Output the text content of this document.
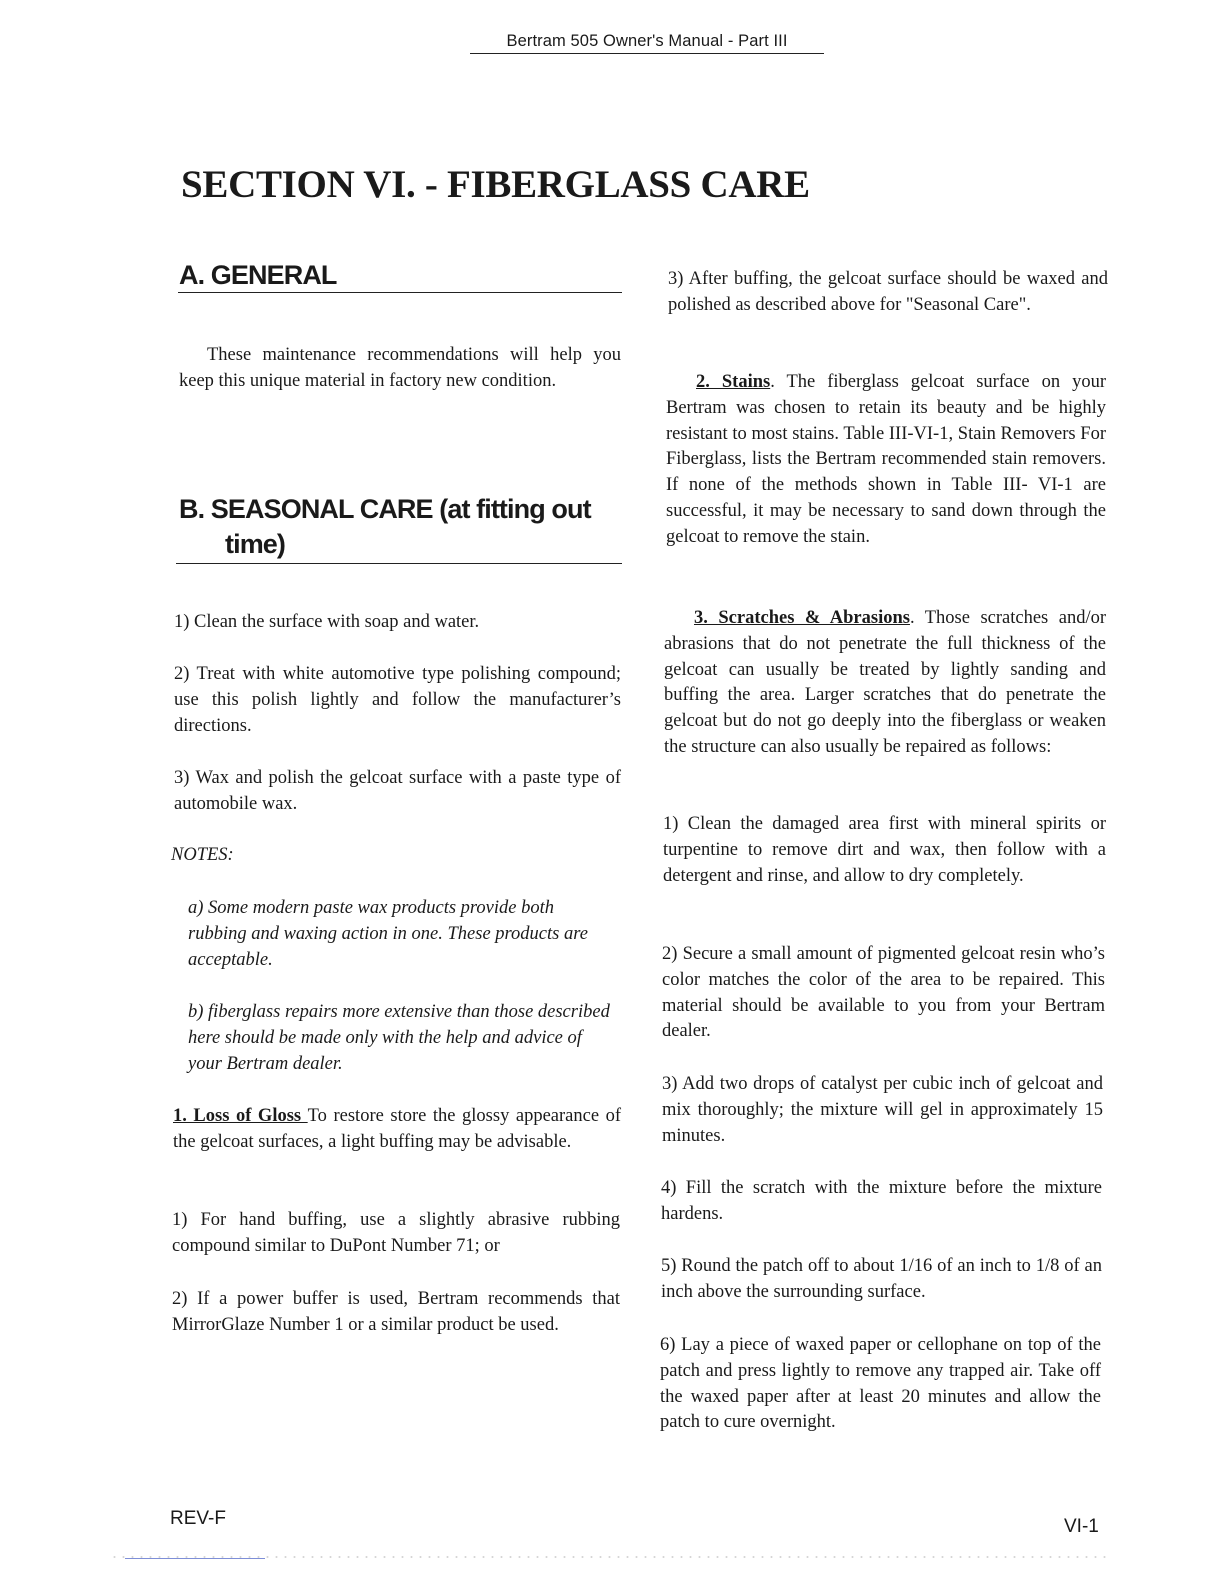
Bertram 505 Owner's Manual - Part III
SECTION VI. - FIBERGLASS CARE
A. GENERAL

These maintenance recommendations will help you keep this unique material in factory new condition.

B. SEASONAL CARE (at fitting out
time)

1) Clean the surface with soap and water.

2) Treat with white automotive type polishing compound; use this polish lightly and follow the manufacturer’s directions.

3) Wax and polish the gelcoat surface with a paste type of automobile wax.

NOTES:

a) Some modern paste wax products provide both rubbing and waxing action in one. These products are acceptable.

b) fiberglass repairs more extensive than those described here should be made only with the help and advice of your Bertram dealer.

1. Loss of Gloss To restore store the glossy appearance of the gelcoat surfaces, a light buffing may be advisable.

1) For hand buffing, use a slightly abrasive rubbing compound similar to DuPont Number 71; or

2) If a power buffer is used, Bertram recommends that MirrorGlaze Number 1 or a similar product be used.

3) After buffing, the gelcoat surface should be waxed and polished as described above for "Seasonal Care".

2. Stains. The fiberglass gelcoat surface on your Bertram was chosen to retain its beauty and be highly resistant to most stains. Table III-VI-1, Stain Removers For Fiberglass, lists the Bertram recommended stain removers. If none of the methods shown in Table III- VI-1 are successful, it may be necessary to sand down through the gelcoat to remove the stain.

3. Scratches & Abrasions. Those scratches and/or abrasions that do not penetrate the full thickness of the gelcoat can usually be treated by lightly sanding and buffing the area. Larger scratches that do penetrate the gelcoat but do not go deeply into the fiberglass or weaken the structure can also usually be repaired as follows:

1) Clean the damaged area first with mineral spirits or turpentine to remove dirt and wax, then follow with a detergent and rinse, and allow to dry completely.

2) Secure a small amount of pigmented gelcoat resin who’s color matches the color of the area to be repaired. This material should be available to you from your Bertram dealer.

3) Add two drops of catalyst per cubic inch of gelcoat and mix thoroughly; the mixture will gel in approximately 15 minutes.

4) Fill the scratch with the mixture before the mixture hardens.

5) Round the patch off to about 1/16 of an inch to 1/8 of an inch above the surrounding surface.

6) Lay a piece of waxed paper or cellophane on top of the patch and press lightly to remove any trapped air. Take off the waxed paper after at least 20 minutes and allow the patch to cure overnight.

REV-F	VI-1
